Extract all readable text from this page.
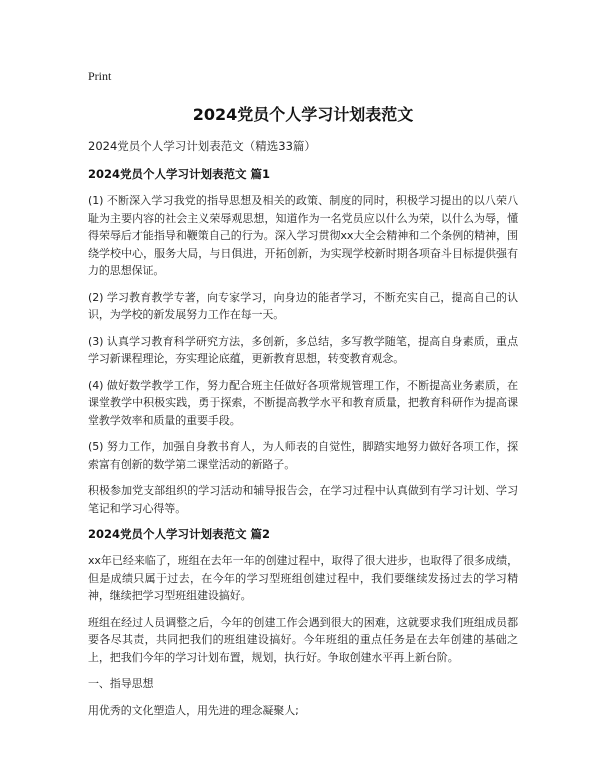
Print
2024党员个人学习计划表范文
2024党员个人学习计划表范文（精选33篇）
2024党员个人学习计划表范文 篇1

(1) 不断深入学习我党的指导思想及相关的政策、制度的同时，积极学习提出的以八荣八耻为主要内容的社会主义荣辱观思想，知道作为一名党员应以什么为荣，以什么为辱，懂得荣辱后才能指导和鞭策自己的行为。深入学习贯彻xx大全会精神和二个条例的精神，围绕学校中心，服务大局，与日俱进，开拓创新，为实现学校新时期各项奋斗目标提供强有力的思想保证。

(2) 学习教育教学专著，向专家学习，向身边的能者学习，不断充实自己，提高自己的认识，为学校的新发展努力工作在每一天。

(3) 认真学习教育科学研究方法，多创新，多总结，多写教学随笔，提高自身素质，重点学习新课程理论，夯实理论底蕴，更新教育思想，转变教育观念。

(4) 做好数学教学工作，努力配合班主任做好各项常规管理工作，不断提高业务素质，在课堂教学中积极实践，勇于探索，不断提高教学水平和教育质量，把教育科研作为提高课堂教学效率和质量的重要手段。

(5) 努力工作，加强自身教书育人，为人师表的自觉性，脚踏实地努力做好各项工作，探索富有创新的数学第二课堂活动的新路子。

积极参加党支部组织的学习活动和辅导报告会，在学习过程中认真做到有学习计划、学习笔记和学习心得等。

2024党员个人学习计划表范文 篇2

xx年已经来临了，班组在去年一年的创建过程中，取得了很大进步，也取得了很多成绩，但是成绩只属于过去，在今年的学习型班组创建过程中，我们要继续发扬过去的学习精神，继续把学习型班组建设搞好。

班组在经过人员调整之后，今年的创建工作会遇到很大的困难，这就要求我们班组成员都要各尽其责，共同把我们的班组建设搞好。今年班组的重点任务是在去年创建的基础之上，把我们今年的学习计划布置，规划，执行好。争取创建水平再上新台阶。

一、指导思想

用优秀的文化塑造人，用先进的理念凝聚人;
